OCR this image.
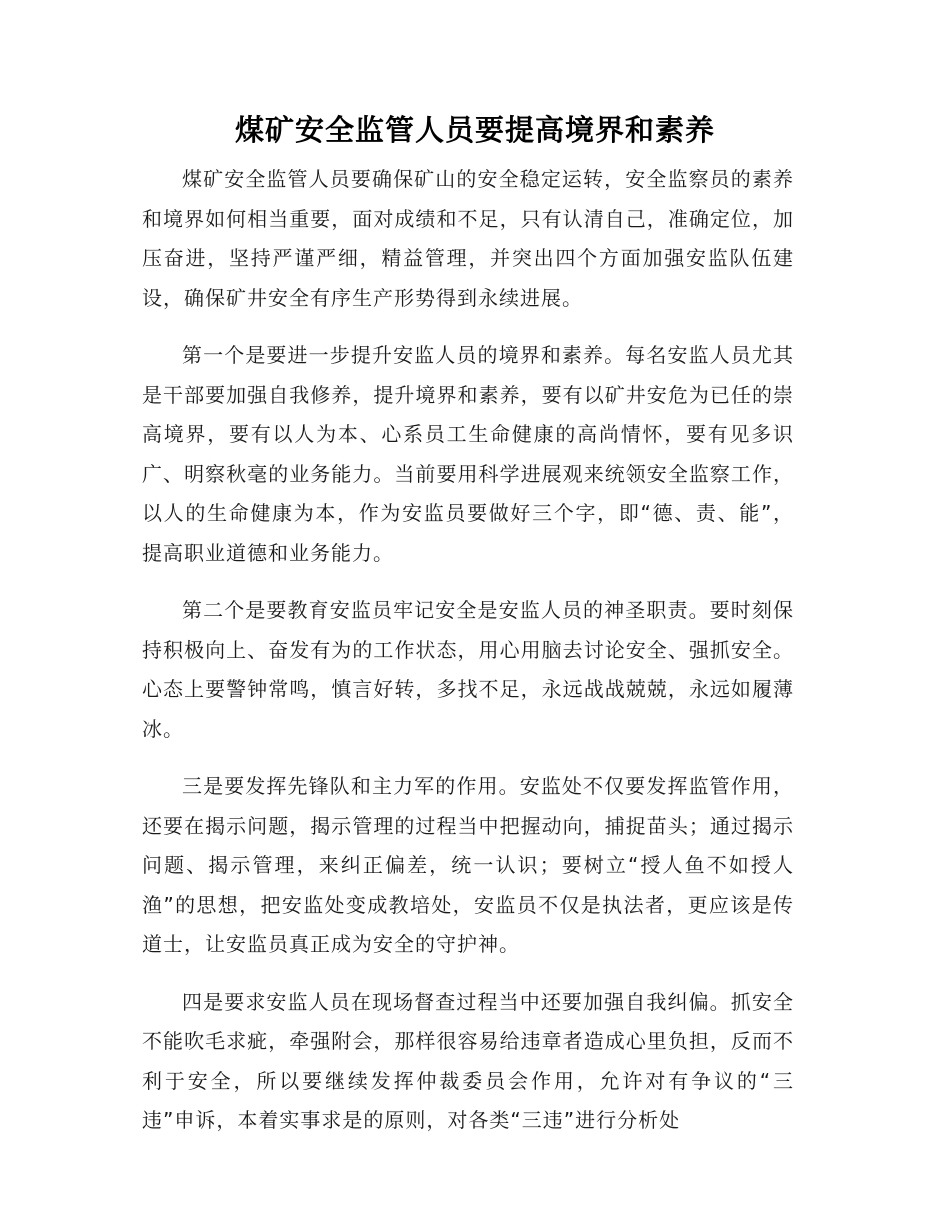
煤矿安全监管人员要提高境界和素养

煤矿安全监管人员要确保矿山的安全稳定运转，安全监察员的素养和境界如何相当重要，面对成绩和不足，只有认清自己，准确定位，加压奋进，坚持严谨严细，精益管理，并突出四个方面加强安监队伍建设，确保矿井安全有序生产形势得到永续进展。

第一个是要进一步提升安监人员的境界和素养。每名安监人员尤其是干部要加强自我修养，提升境界和素养，要有以矿井安危为已任的崇高境界，要有以人为本、心系员工生命健康的高尚情怀，要有见多识广、明察秋毫的业务能力。当前要用科学进展观来统领安全监察工作，以人的生命健康为本，作为安监员要做好三个字，即“德、责、能”，提高职业道德和业务能力。

第二个是要教育安监员牢记安全是安监人员的神圣职责。要时刻保持积极向上、奋发有为的工作状态，用心用脑去讨论安全、强抓安全。心态上要警钟常鸣，慎言好转，多找不足，永远战战兢兢，永远如履薄冰。

三是要发挥先锋队和主力军的作用。安监处不仅要发挥监管作用，还要在揭示问题，揭示管理的过程当中把握动向，捕捉苗头；通过揭示问题、揭示管理，来纠正偏差，统一认识；要树立“授人鱼不如授人渔”的思想，把安监处变成教培处，安监员不仅是执法者，更应该是传道士，让安监员真正成为安全的守护神。

四是要求安监人员在现场督查过程当中还要加强自我纠偏。抓安全不能吹毛求疵，牵强附会，那样很容易给违章者造成心里负担，反而不利于安全，所以要继续发挥仲裁委员会作用，允许对有争议的“三违”申诉，本着实事求是的原则，对各类“三违”进行分析处
